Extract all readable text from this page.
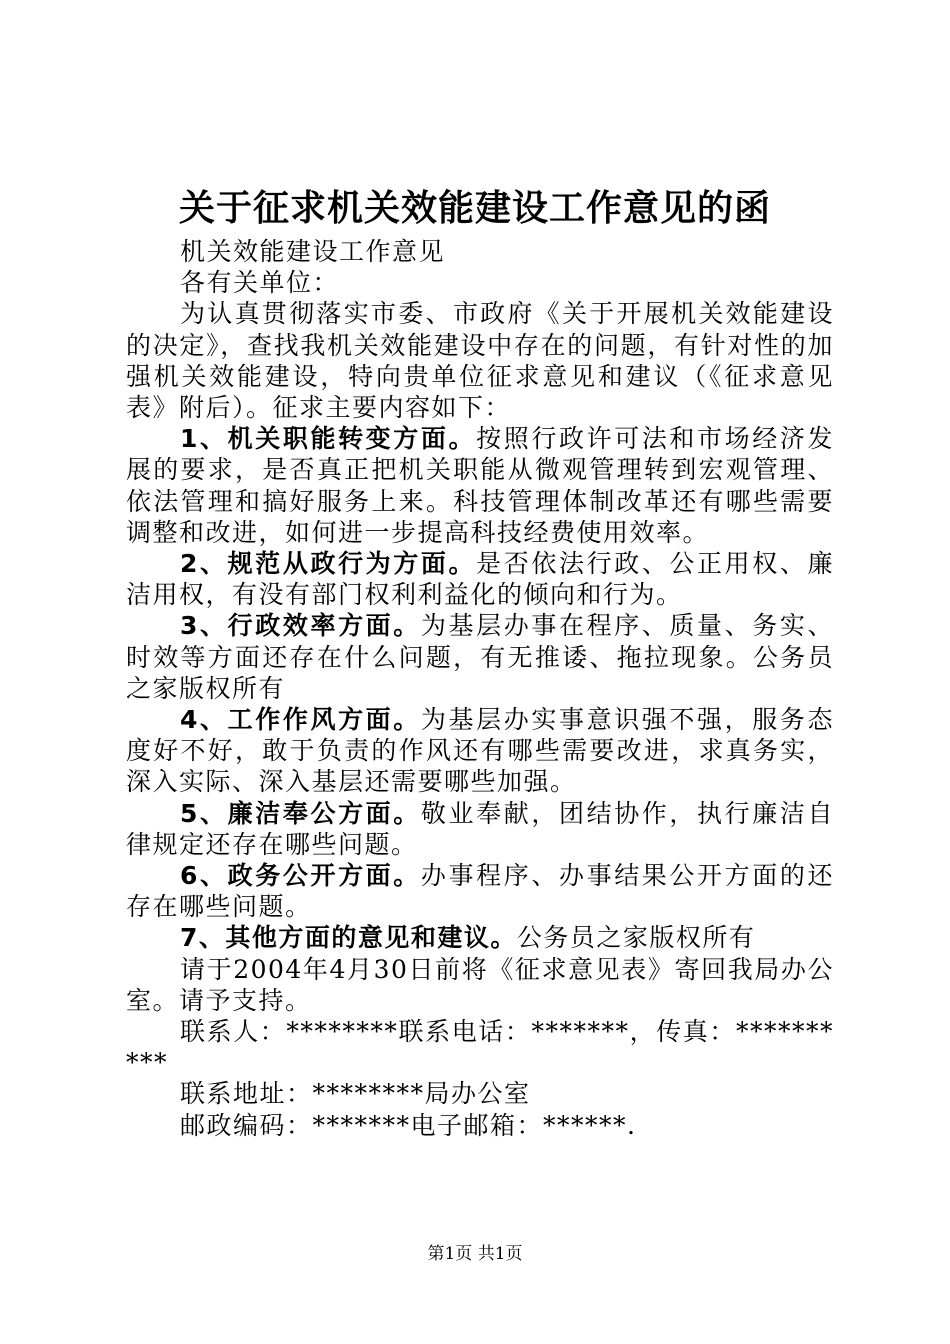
关于征求机关效能建设工作意见的函

机关效能建设工作意见

各有关单位：

为认真贯彻落实市委、市政府《关于开展机关效能建设的决定》，查找我机关效能建设中存在的问题，有针对性的加强机关效能建设，特向贵单位征求意见和建议（《征求意见表》附后）。征求主要内容如下：

1、机关职能转变方面。按照行政许可法和市场经济发展的要求，是否真正把机关职能从微观管理转到宏观管理、依法管理和搞好服务上来。科技管理体制改革还有哪些需要调整和改进，如何进一步提高科技经费使用效率。

2、规范从政行为方面。是否依法行政、公正用权、廉洁用权，有没有部门权利利益化的倾向和行为。

3、行政效率方面。为基层办事在程序、质量、务实、时效等方面还存在什么问题，有无推诿、拖拉现象。公务员之家版权所有

4、工作作风方面。为基层办实事意识强不强，服务态度好不好，敢于负责的作风还有哪些需要改进，求真务实，深入实际、深入基层还需要哪些加强。

5、廉洁奉公方面。敬业奉献，团结协作，执行廉洁自律规定还存在哪些问题。

6、政务公开方面。办事程序、办事结果公开方面的还存在哪些问题。

7、其他方面的意见和建议。公务员之家版权所有

请于2004年4月30日前将《征求意见表》寄回我局办公室。请予支持。

联系人：********联系电话：*******，传真：**********

联系地址：********局办公室

邮政编码：*******电子邮箱：******.

第1页 共1页
